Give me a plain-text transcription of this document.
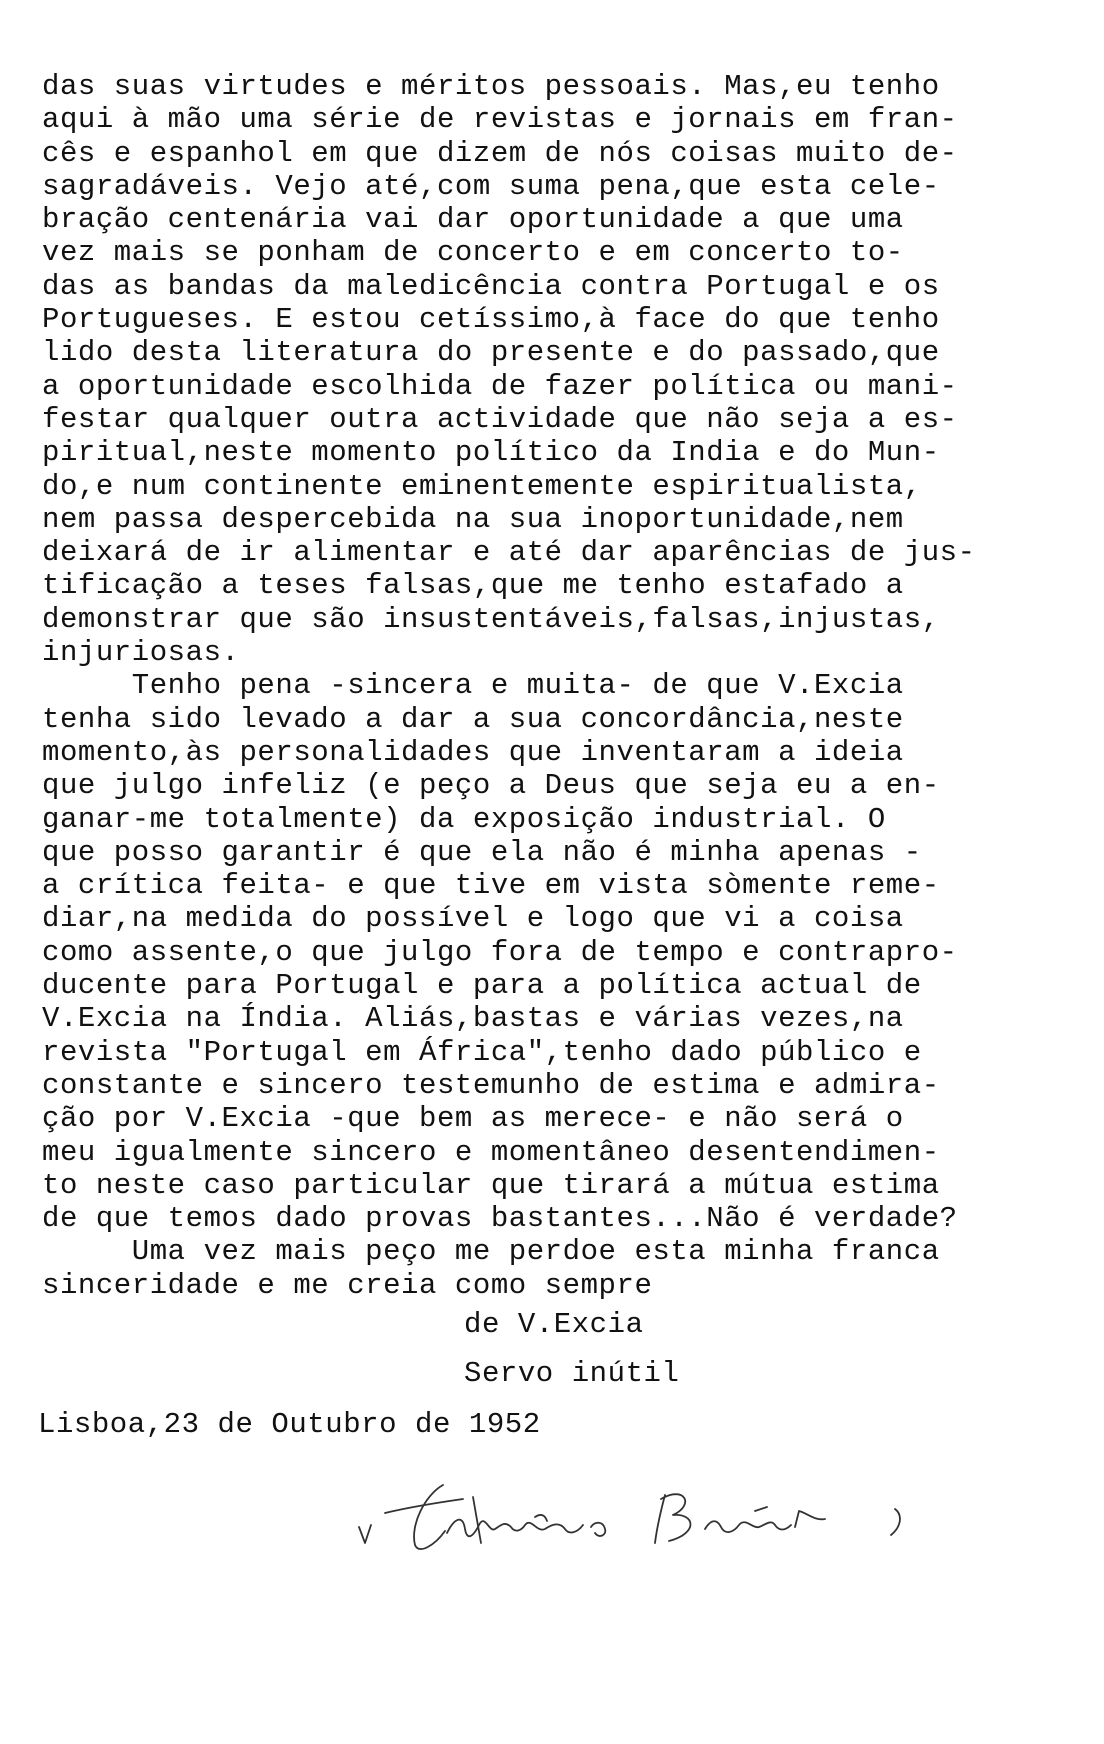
das suas virtudes e méritos pessoais. Mas,eu tenho
aqui à mão uma série de revistas e jornais em fran-
cês e espanhol em que dizem de nós coisas muito de-
sagradáveis. Vejo até,com suma pena,que esta cele-
bração centenária vai dar oportunidade a que uma
vez mais se ponham de concerto e em concerto to-
das as bandas da maledicência contra Portugal e os
Portugueses. E estou cetíssimo,à face do que tenho
lido desta literatura do presente e do passado,que
a oportunidade escolhida de fazer política ou mani-
festar qualquer outra actividade que não seja a es-
piritual,neste momento político da India e do Mun-
do,e num continente eminentemente espiritualista,
nem passa despercebida na sua inoportunidade,nem
deixará de ir alimentar e até dar aparências de jus-
tificação a teses falsas,que me tenho estafado a
demonstrar que são insustentáveis,falsas,injustas,
injuriosas.
Tenho pena -sincera e muita- de que V.Excia
tenha sido levado a dar a sua concordância,neste
momento,às personalidades que inventaram a ideia
que julgo infeliz (e peço a Deus que seja eu a en-
ganar-me totalmente) da exposição industrial. O
que posso garantir é que ela não é minha apenas -
a crítica feita- e que tive em vista sòmente reme-
diar,na medida do possível e logo que vi a coisa
como assente,o que julgo fora de tempo e contrapro-
ducente para Portugal e para a política actual de
V.Excia na Índia. Aliás,bastas e várias vezes,na
revista "Portugal em África",tenho dado público e
constante e sincero testemunho de estima e admira-
ção por V.Excia -que bem as merece- e não será o
meu igualmente sincero e momentâneo desentendimen-
to neste caso particular que tirará a mútua estima
de que temos dado provas bastantes...Não é verdade?
Uma vez mais peço me perdoe esta minha franca
sinceridade e me creia como sempre
de V.Excia
Servo inútil
Lisboa,23 de Outubro de 1952
